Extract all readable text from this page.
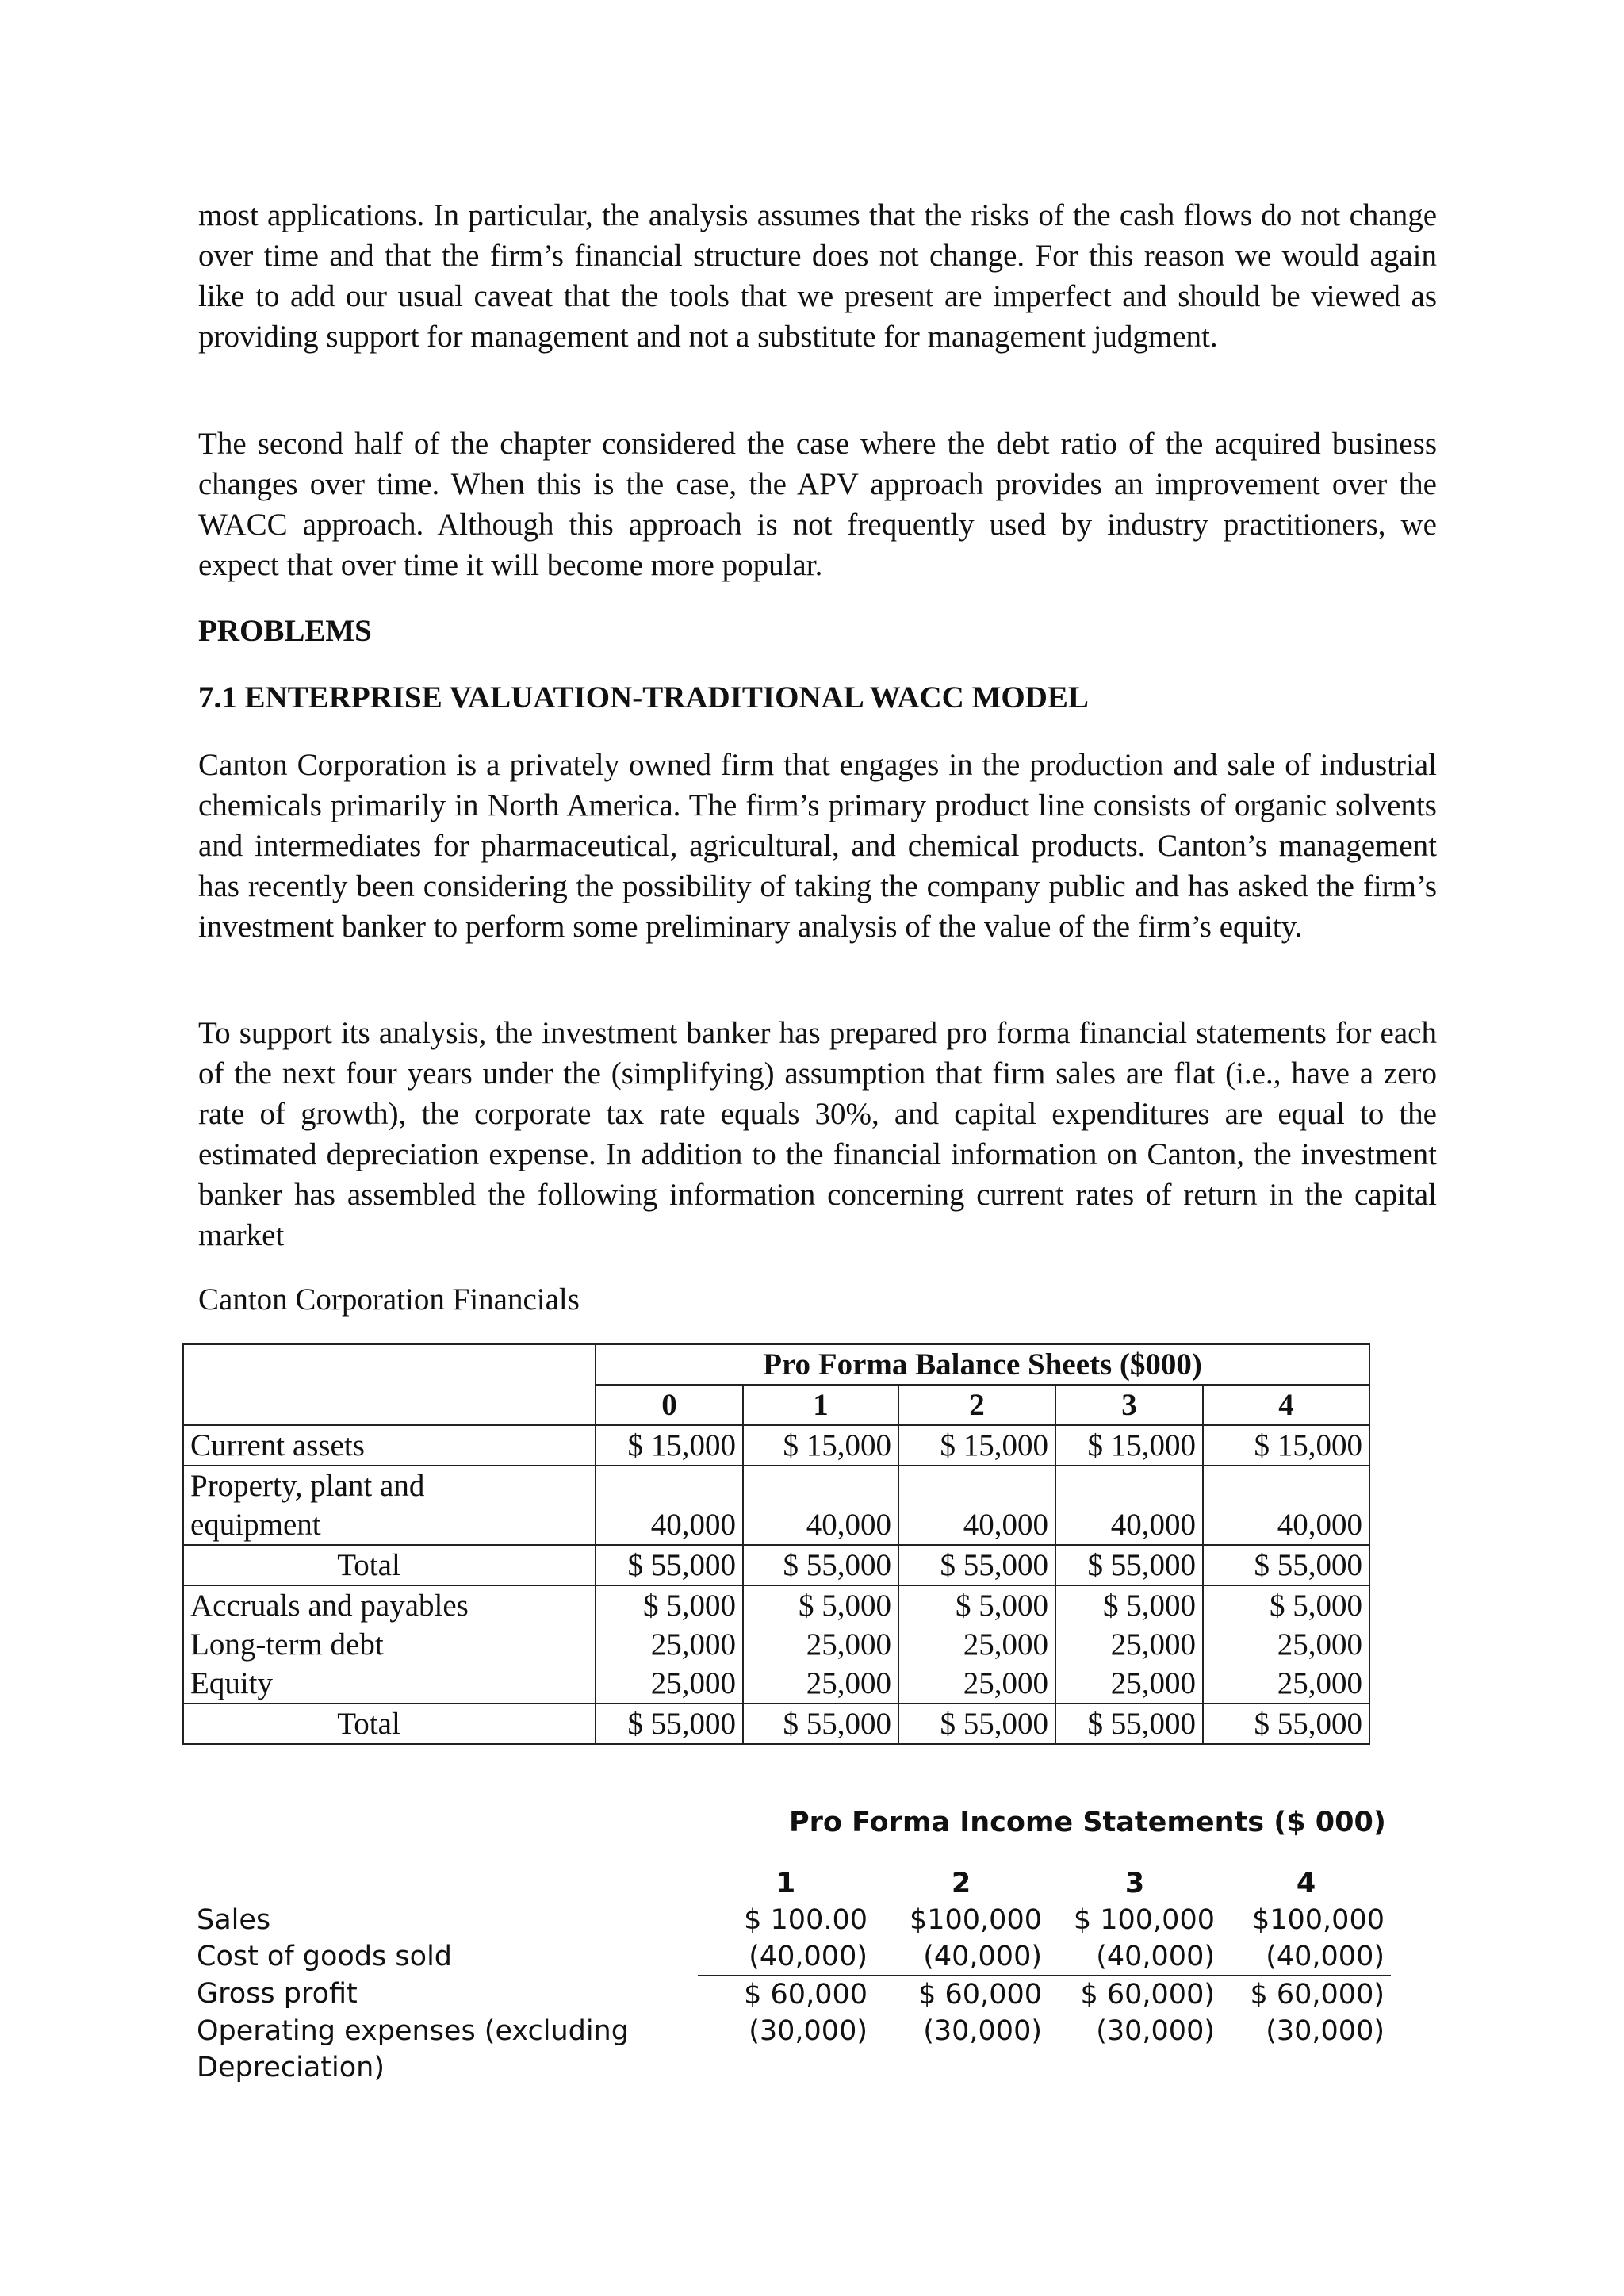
most applications. In particular, the analysis assumes that the risks of the cash flows do not change over time and that the firm’s financial structure does not change. For this reason we would again like to add our usual caveat that the tools that we present are imperfect and should be viewed as providing support for management and not a substitute for management judgment.

The second half of the chapter considered the case where the debt ratio of the acquired business changes over time. When this is the case, the APV approach provides an improvement over the WACC approach. Although this approach is not frequently used by industry practitioners, we expect that over time it will become more popular.

PROBLEMS

7.1 ENTERPRISE VALUATION-TRADITIONAL WACC MODEL

Canton Corporation is a privately owned firm that engages in the production and sale of industrial chemicals primarily in North America. The firm’s primary product line consists of organic solvents and intermediates for pharmaceutical, agricultural, and chemical products. Canton’s management has recently been considering the possibility of taking the company public and has asked the firm’s investment banker to perform some preliminary analysis of the value of the firm’s equity.

To support its analysis, the investment banker has prepared pro forma financial statements for each of the next four years under the (simplifying) assumption that firm sales are flat (i.e., have a zero rate of growth), the corporate tax rate equals 30%, and capital expenditures are equal to the estimated depreciation expense. In addition to the financial information on Canton, the investment banker has assembled the following information concerning current rates of return in the capital market

Canton Corporation Financials

	Pro Forma Balance Sheets ($000)				
	0	1	2	3	4
Current assets	$ 15,000	$ 15,000	$ 15,000	$ 15,000	$ 15,000
Property, plant and
equipment	40,000	40,000	40,000	40,000	40,000
Total	$ 55,000	$ 55,000	$ 55,000	$ 55,000	$ 55,000
Accruals and payables	$ 5,000	$ 5,000	$ 5,000	$ 5,000	$ 5,000
Long-term debt	25,000	25,000	25,000	25,000	25,000
Equity	25,000	25,000	25,000	25,000	25,000
Total	$ 55,000	$ 55,000	$ 55,000	$ 55,000	$ 55,000
Pro Forma Income Statements ($ 000)
	1	2	3	4
Sales	$ 100.00	$100,000	$ 100,000	$100,000
Cost of goods sold	(40,000)	(40,000)	(40,000)	(40,000)
Gross profit	$ 60,000	$ 60,000	$ 60,000)	$ 60,000)
Operating expenses (excluding
Depreciation)	(30,000)	(30,000)	(30,000)	(30,000)
